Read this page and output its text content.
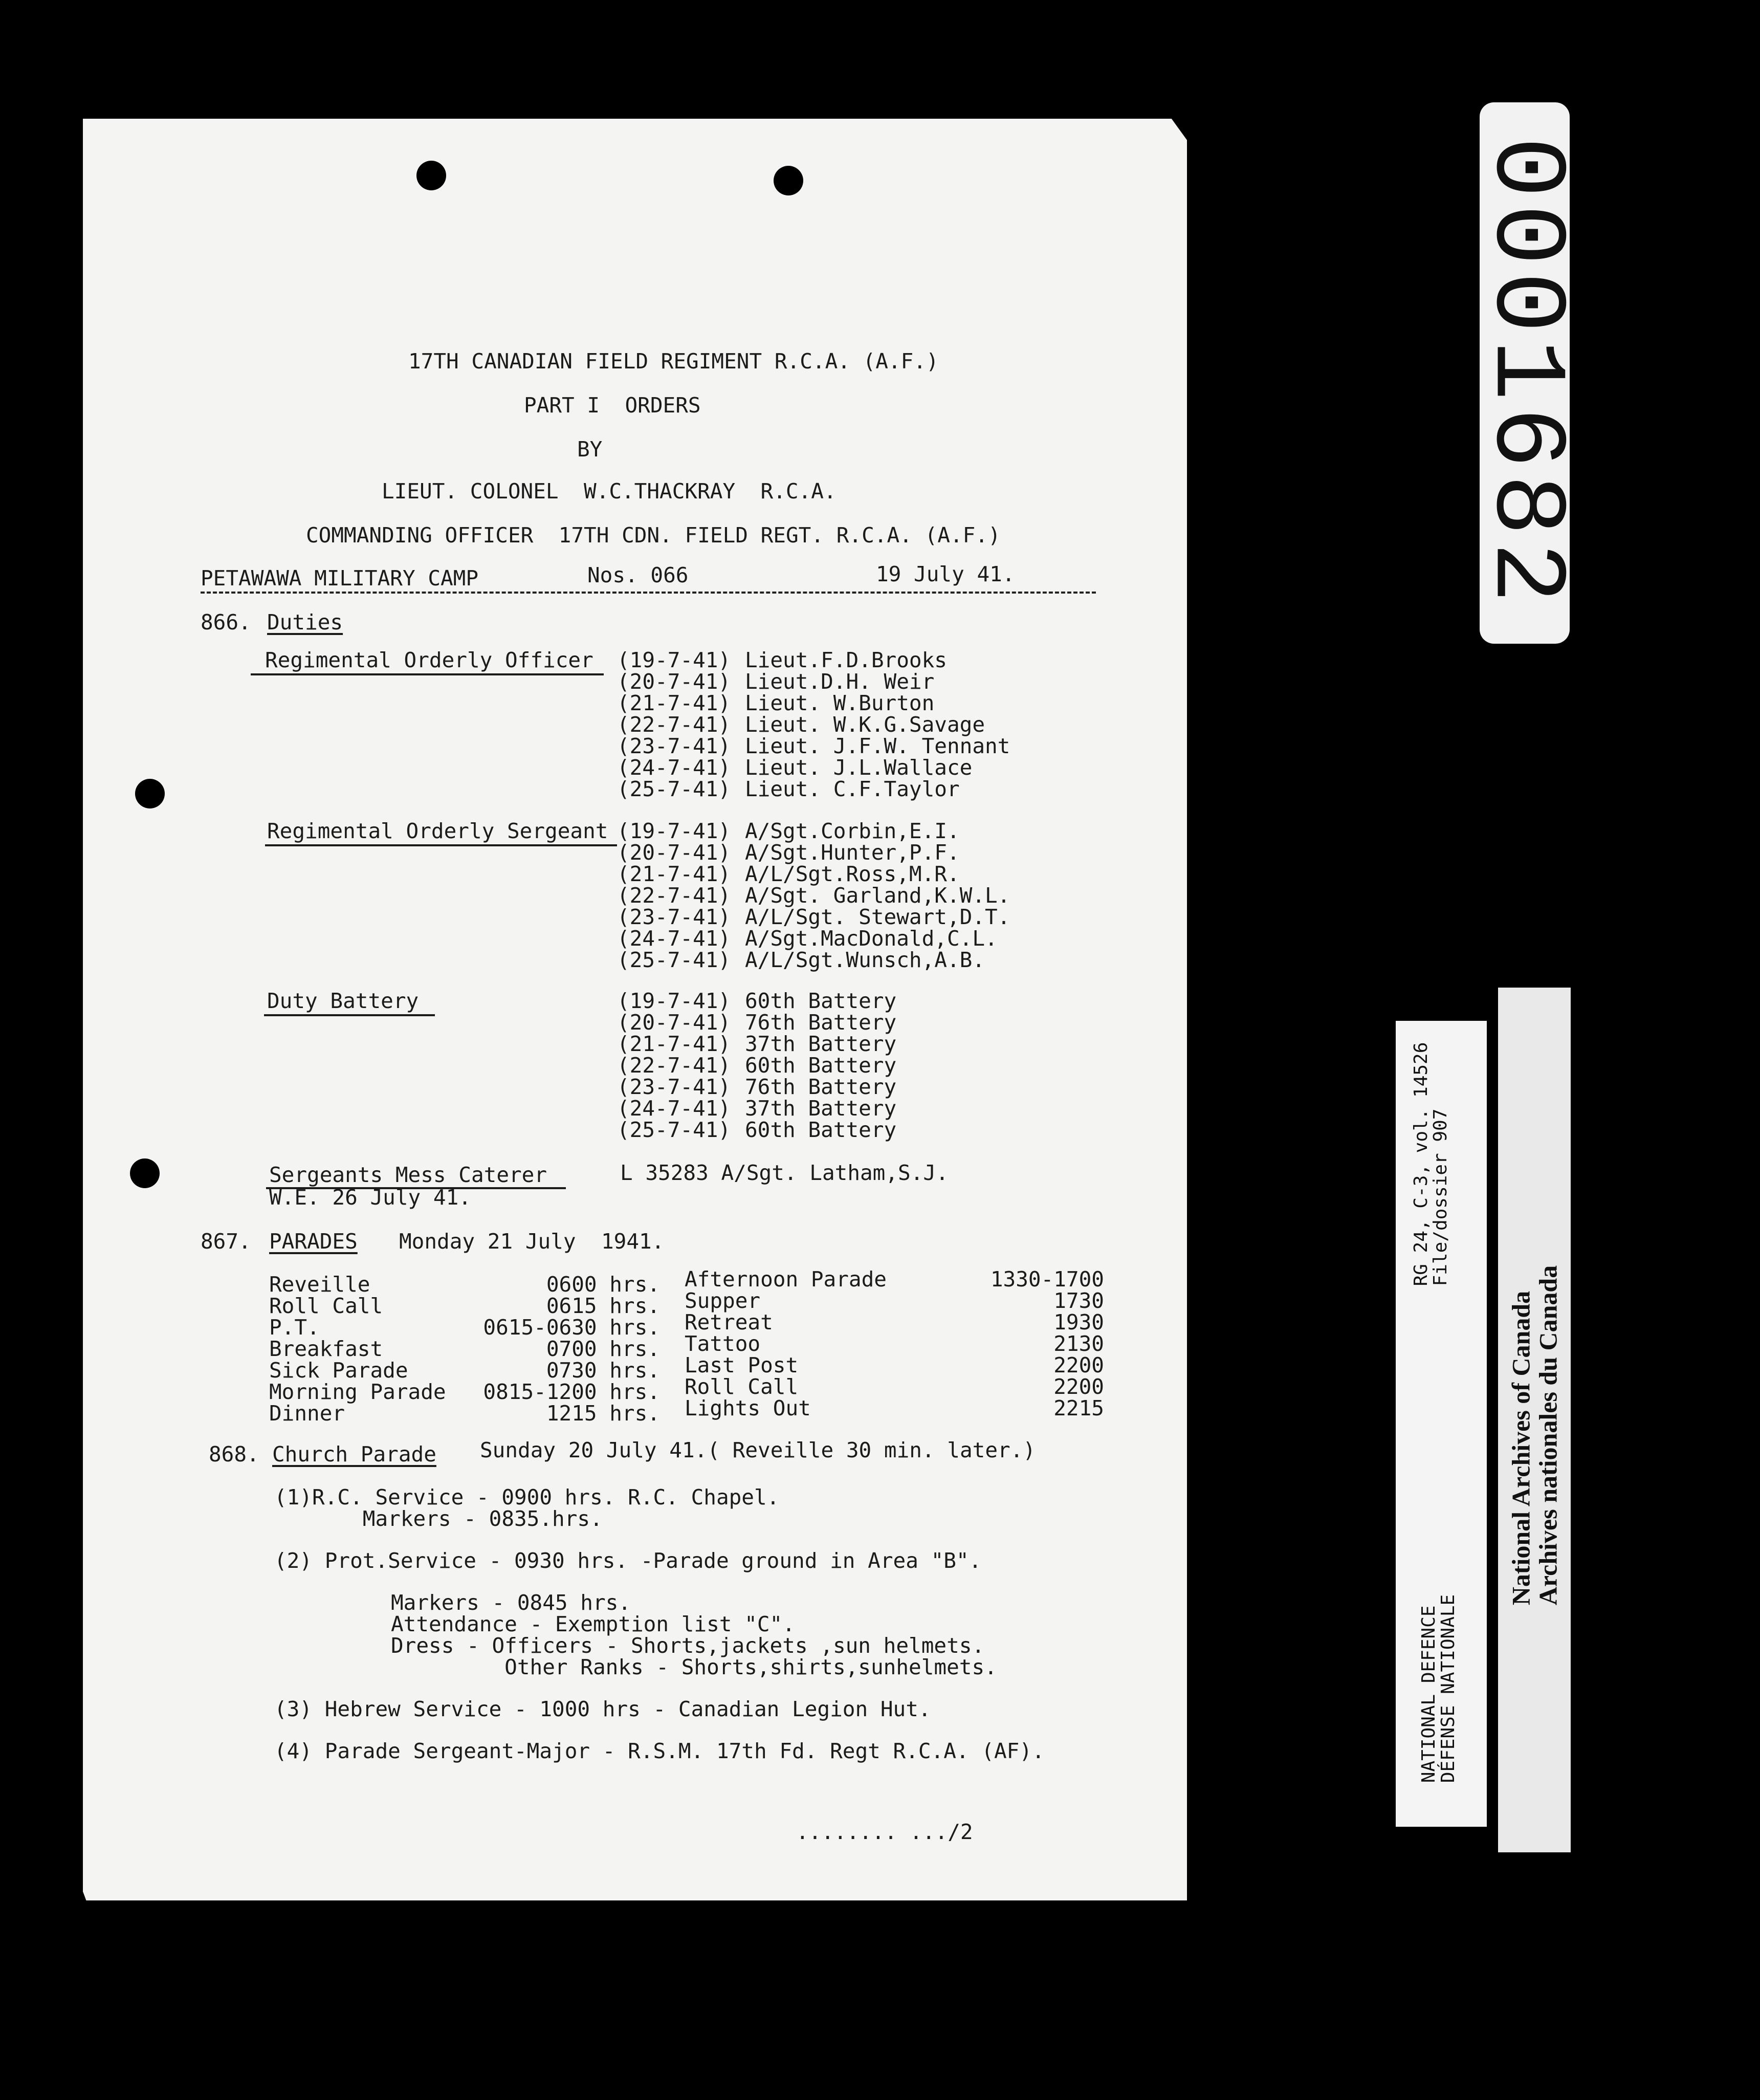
17TH CANADIAN FIELD REGIMENT R.C.A. (A.F.)
PART I  ORDERS
BY
LIEUT. COLONEL  W.C.THACKRAY  R.C.A.
COMMANDING OFFICER  17TH CDN. FIELD REGT. R.C.A. (A.F.)
PETAWAWA MILITARY CAMP	Nos. 066	19 July 41.
866. Duties
Regimental Orderly Officer (19-7-41) Lieut.F.D.Brooks
(20-7-41) Lieut.D.H. Weir
(21-7-41) Lieut. W.Burton
(22-7-41) Lieut. W.K.G.Savage
(23-7-41) Lieut. J.F.W. Tennant
(24-7-41) Lieut. J.L.Wallace
(25-7-41) Lieut. C.F.Taylor
Regimental Orderly Sergeant (19-7-41) A/Sgt.Corbin,E.I.
(20-7-41) A/Sgt.Hunter,P.F.
(21-7-41) A/L/Sgt.Ross,M.R.
(22-7-41) A/Sgt. Garland,K.W.L.
(23-7-41) A/L/Sgt. Stewart,D.T.
(24-7-41) A/Sgt.MacDonald,C.L.
(25-7-41) A/L/Sgt.Wunsch,A.B.
Duty Battery	(19-7-41) 60th Battery
(20-7-41) 76th Battery
(21-7-41) 37th Battery
(22-7-41) 60th Battery
(23-7-41) 76th Battery
(24-7-41) 37th Battery
(25-7-41) 60th Battery
Sergeants Mess Caterer
W.E. 26 July 41.
L 35283 A/Sgt. Latham,S.J.
867. PARADES Monday 21 July  1941.
Reveille	0600 hrs.
Roll Call	0615 hrs.
P.T.	0615-0630 hrs.
Breakfast	0700 hrs.
Sick Parade	0730 hrs.
Morning Parade 0815-1200 hrs.
Dinner	1215 hrs.
Afternoon Parade	1330-1700
Supper	1730
Retreat	1930
Tattoo	2130
Last Post	2200
Roll Call	2200
Lights Out	2215
868. Church Parade Sunday 20 July 41.( Reveille 30 min. later.)
(1)R.C. Service - 0900 hrs. R.C. Chapel.
Markers - 0835.hrs.
(2) Prot.Service - 0930 hrs. -Parade ground in Area "B".
Markers - 0845 hrs.
Attendance - Exemption list "C".
Dress - Officers - Shorts,jackets ,sun helmets.
Other Ranks - Shorts,shirts,sunhelmets.
(3) Hebrew Service - 1000 hrs - Canadian Legion Hut.
(4) Parade Sergeant-Major - R.S.M. 17th Fd. Regt R.C.A. (AF).
........ .../2
0001682
RG 24, C-3, vol. 14526
File/dossier 907
NATIONAL DEFENCE
DÉFENSE NATIONALE
National Archives of Canada
Archives nationales du Canada
